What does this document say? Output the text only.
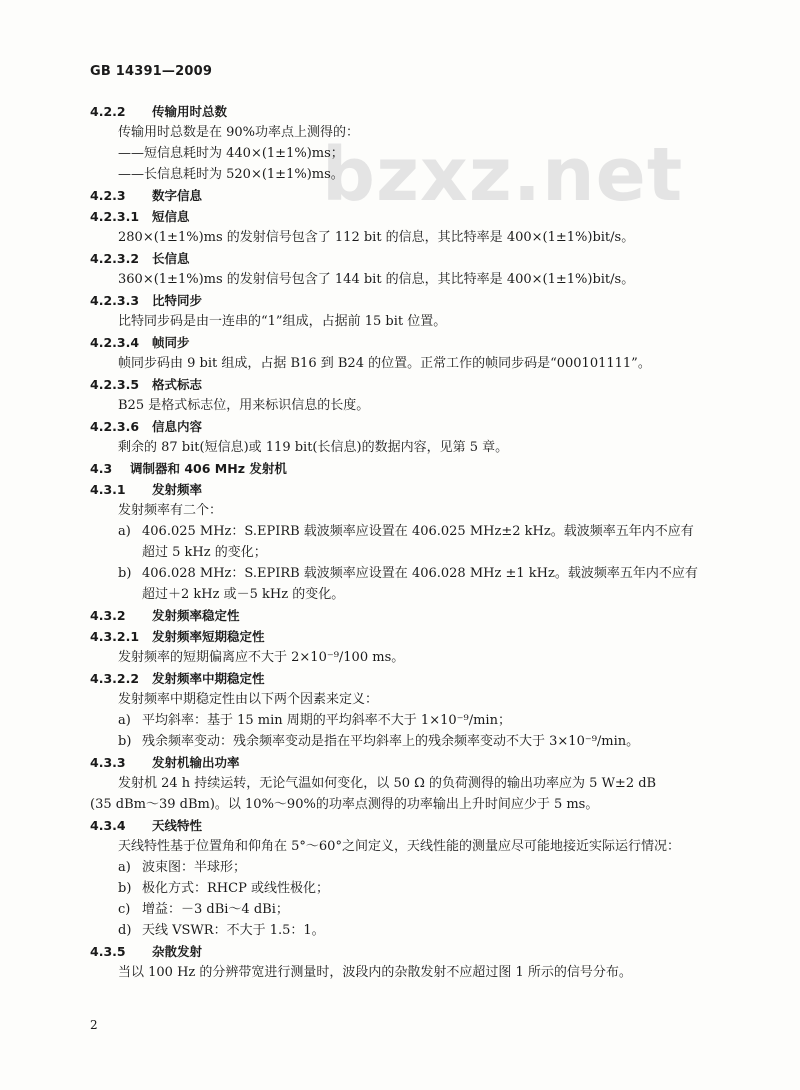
GB 14391—2009
bzxz.net
4.2.2 传输用时总数
传输用时总数是在 90%功率点上测得的：
——短信息耗时为 440×(1±1%)ms；
——长信息耗时为 520×(1±1%)ms。
4.2.3 数字信息
4.2.3.1 短信息
280×(1±1%)ms 的发射信号包含了 112 bit 的信息，其比特率是 400×(1±1%)bit/s。
4.2.3.2 长信息
360×(1±1%)ms 的发射信号包含了 144 bit 的信息，其比特率是 400×(1±1%)bit/s。
4.2.3.3 比特同步
比特同步码是由一连串的“1”组成，占据前 15 bit 位置。
4.2.3.4 帧同步
帧同步码由 9 bit 组成，占据 B16 到 B24 的位置。正常工作的帧同步码是“000101111”。
4.2.3.5 格式标志
B25 是格式标志位，用来标识信息的长度。
4.2.3.6 信息内容
剩余的 87 bit(短信息)或 119 bit(长信息)的数据内容，见第 5 章。
4.3 调制器和 406 MHz 发射机
4.3.1 发射频率
发射频率有二个：
a) 406.025 MHz：S.EPIRB 载波频率应设置在 406.025 MHz±2 kHz。载波频率五年内不应有
超过 5 kHz 的变化；
b) 406.028 MHz：S.EPIRB 载波频率应设置在 406.028 MHz ±1 kHz。载波频率五年内不应有
超过＋2 kHz 或－5 kHz 的变化。
4.3.2 发射频率稳定性
4.3.2.1 发射频率短期稳定性
发射频率的短期偏离应不大于 2×10⁻⁹/100 ms。
4.3.2.2 发射频率中期稳定性
发射频率中期稳定性由以下两个因素来定义：
a) 平均斜率：基于 15 min 周期的平均斜率不大于 1×10⁻⁹/min；
b) 残余频率变动：残余频率变动是指在平均斜率上的残余频率变动不大于 3×10⁻⁹/min。
4.3.3 发射机输出功率
发射机 24 h 持续运转，无论气温如何变化，以 50 Ω 的负荷测得的输出功率应为 5 W±2 dB
(35 dBm～39 dBm)。以 10%～90%的功率点测得的功率输出上升时间应少于 5 ms。
4.3.4 天线特性
天线特性基于位置角和仰角在 5°～60°之间定义，天线性能的测量应尽可能地接近实际运行情况：
a) 波束图：半球形；
b) 极化方式：RHCP 或线性极化；
c) 增益：－3 dBi～4 dBi；
d) 天线 VSWR：不大于 1.5：1。
4.3.5 杂散发射
当以 100 Hz 的分辨带宽进行测量时，波段内的杂散发射不应超过图 1 所示的信号分布。
2
